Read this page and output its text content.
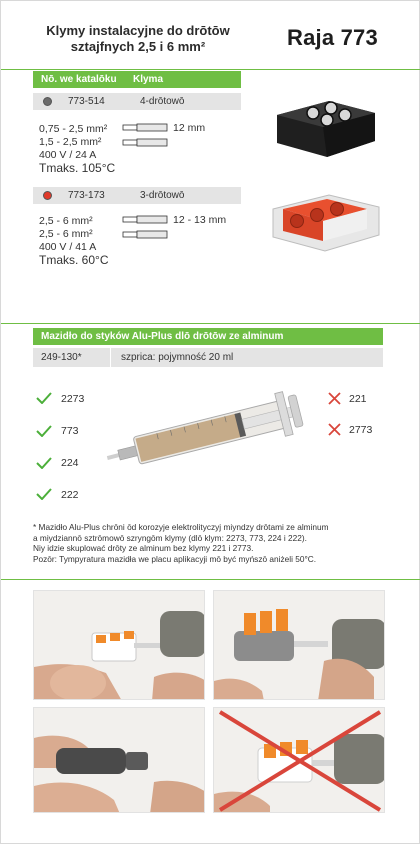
Klymy instalacyjne do drōtōw sztajfnych 2,5 i 6 mm²	Raja 773
Nō. we katalōku	Klyma
773-514	4-drōtowō
0,75 - 2,5 mm²
1,5 - 2,5 mm²
400 V / 24 A
Tmaks. 105°C
12 mm
773-173	3-drōtowō
2,5 - 6 mm²
2,5 - 6 mm²
400 V / 41 A
Tmaks. 60°C
12 - 13 mm
Mazidło do styków Alu-Plus dlō drōtōw ze alminum
249-130*	szprica: pojymność 20 ml
2273
773
224
222
221
2773
* Mazidło Alu-Plus chrōni ōd korozyje elektrolityczyj miyndzy drōtami ze alminum
a miydziannō sztrōmowō szryngōm klymy (dlō klym: 2273, 773, 224 i 222).
Niy idzie skuplować drōty ze alminum bez klymy 221 i 2773.
Pozōr: Tympyratura mazidła we placu aplikacyji mō być myńszō aniżeli 50°C.
